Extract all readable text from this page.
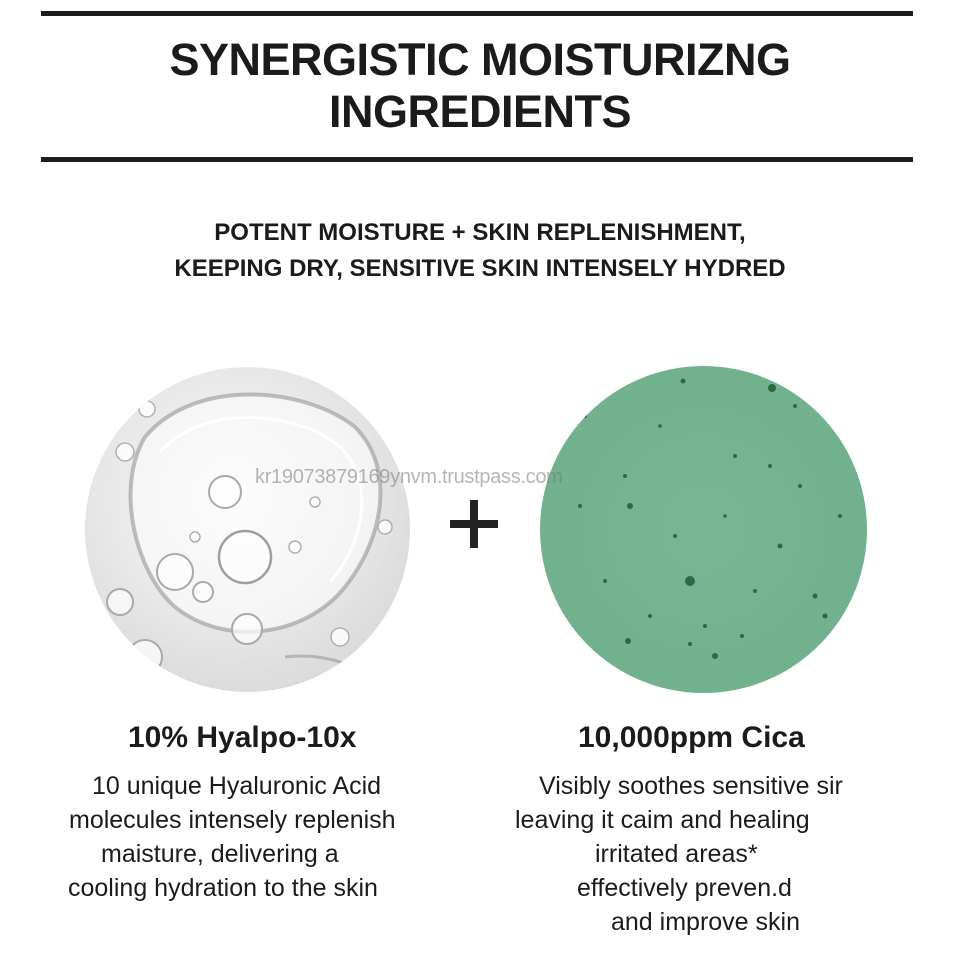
SYNERGISTIC MOISTURIZNG
INGREDIENTS
POTENT MOISTURE + SKIN REPLENISHMENT,
KEEPING DRY, SENSITIVE SKIN INTENSELY HYDRED
kr19073879169ynvm.trustpass.com
10% Hyalpo-10x	10,000ppm Cica

10 unique Hyaluronic Acid
molecules intensely replenish
maisture, delivering a
cooling hydration to the skin

Visibly soothes sensitive sir
leaving it caim and healing
irritated areas*
effectively preven.d
and improve skin
